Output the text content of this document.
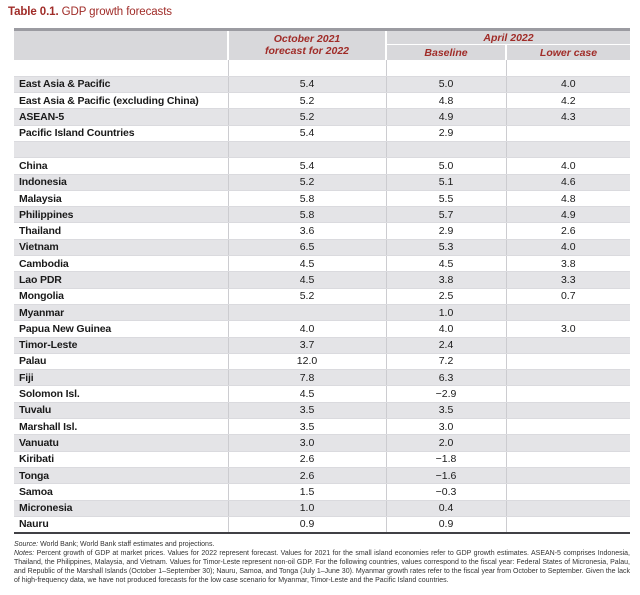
Table 0.1. GDP growth forecasts

	October 2021
forecast for 2022	April 2022	
		Baseline	Lower case

East Asia & Pacific	5.4	5.0	4.0
East Asia & Pacific (excluding China)	5.2	4.8	4.2
ASEAN-5	5.2	4.9	4.3
Pacific Island Countries	5.4	2.9	

China	5.4	5.0	4.0
Indonesia	5.2	5.1	4.6
Malaysia	5.8	5.5	4.8
Philippines	5.8	5.7	4.9
Thailand	3.6	2.9	2.6
Vietnam	6.5	5.3	4.0
Cambodia	4.5	4.5	3.8
Lao PDR	4.5	3.8	3.3
Mongolia	5.2	2.5	0.7
Myanmar		1.0	
Papua New Guinea	4.0	4.0	3.0
Timor-Leste	3.7	2.4	
Palau	12.0	7.2	
Fiji	7.8	6.3	
Solomon Isl.	4.5	−2.9	
Tuvalu	3.5	3.5	
Marshall Isl.	3.5	3.0	
Vanuatu	3.0	2.0	
Kiribati	2.6	−1.8	
Tonga	2.6	−1.6	
Samoa	1.5	−0.3	
Micronesia	1.0	0.4	
Nauru	0.9	0.9	

Source: World Bank; World Bank staff estimates and projections.

Notes: Percent growth of GDP at market prices. Values for 2022 represent forecast. Values for 2021 for the small island economies refer to GDP growth estimates. ASEAN-5 comprises Indonesia, Thailand, the Philippines, Malaysia, and Vietnam. Values for Timor-Leste represent non-oil GDP. For the following countries, values correspond to the fiscal year: Federal States of Micronesia, Palau, and Republic of the Marshall Islands (October 1–September 30); Nauru, Samoa, and Tonga (July 1–June 30). Myanmar growth rates refer to the fiscal year from October to September. Given the lack of high-frequency data, we have not produced forecasts for the low case scenario for Myanmar, Timor-Leste and the Pacific Island countries.
